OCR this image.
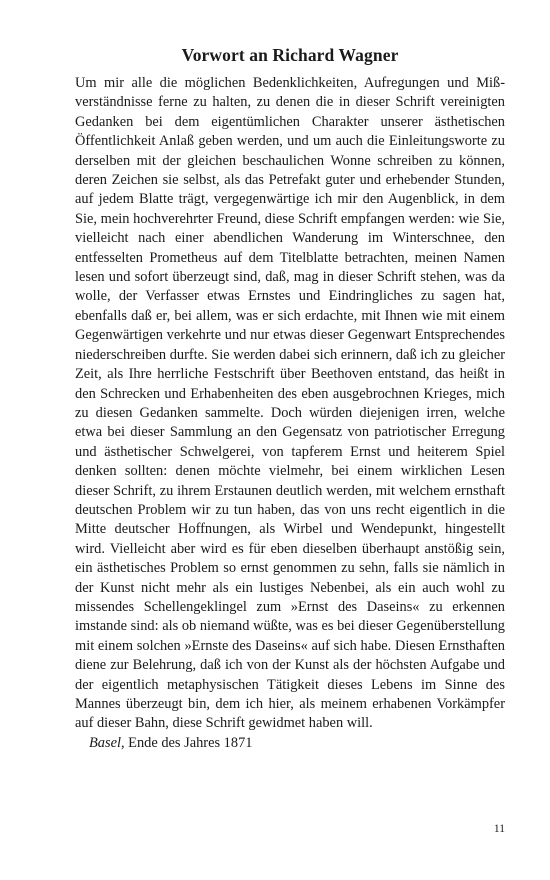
Vorwort an Richard Wagner

Um mir alle die möglichen Bedenklichkeiten, Aufregungen und Mißverständnisse ferne zu halten, zu denen die in dieser Schrift vereinigten Gedanken bei dem eigentümlichen Charakter unserer ästhetischen Öffentlichkeit Anlaß geben werden, und um auch die Einleitungsworte zu derselben mit der gleichen beschaulichen Wonne schreiben zu können, deren Zeichen sie selbst, als das Petrefakt guter und erhebender Stunden, auf jedem Blatte trägt, vergegenwärtige ich mir den Augenblick, in dem Sie, mein hochverehrter Freund, diese Schrift empfangen werden: wie Sie, vielleicht nach einer abendlichen Wanderung im Winterschnee, den entfesselten Prometheus auf dem Titelblatte betrachten, meinen Namen lesen und sofort überzeugt sind, daß, mag in dieser Schrift stehen, was da wolle, der Verfasser etwas Ernstes und Eindringliches zu sagen hat, ebenfalls daß er, bei allem, was er sich erdachte, mit Ihnen wie mit einem Gegenwärtigen verkehrte und nur etwas dieser Gegenwart Entsprechendes niederschreiben durfte. Sie werden dabei sich erinnern, daß ich zu gleicher Zeit, als Ihre herrliche Festschrift über Beethoven entstand, das heißt in den Schrecken und Erhabenheiten des eben ausgebrochnen Krieges, mich zu diesen Gedanken sammelte. Doch würden diejenigen irren, welche etwa bei dieser Sammlung an den Gegensatz von patriotischer Erregung und ästhetischer Schwelgerei, von tapferem Ernst und heiterem Spiel denken sollten: denen möchte vielmehr, bei einem wirklichen Lesen dieser Schrift, zu ihrem Erstaunen deutlich werden, mit welchem ernsthaft deutschen Problem wir zu tun haben, das von uns recht eigentlich in die Mitte deutscher Hoffnungen, als Wirbel und Wendepunkt, hingestellt wird. Vielleicht aber wird es für eben dieselben überhaupt anstößig sein, ein ästhetisches Problem so ernst genommen zu sehn, falls sie nämlich in der Kunst nicht mehr als ein lustiges Nebenbei, als ein auch wohl zu missendes Schellengeklingel zum »Ernst des Daseins« zu erkennen imstande sind: als ob niemand wüßte, was es bei dieser Gegenüberstellung mit einem solchen »Ernste des Daseins« auf sich habe. Diesen Ernsthaften diene zur Belehrung, daß ich von der Kunst als der höchsten Aufgabe und der eigentlich metaphysischen Tätigkeit dieses Lebens im Sinne des Mannes überzeugt bin, dem ich hier, als meinem erhabenen Vorkämpfer auf dieser Bahn, diese Schrift gewidmet haben will.

Basel, Ende des Jahres 1871

11
